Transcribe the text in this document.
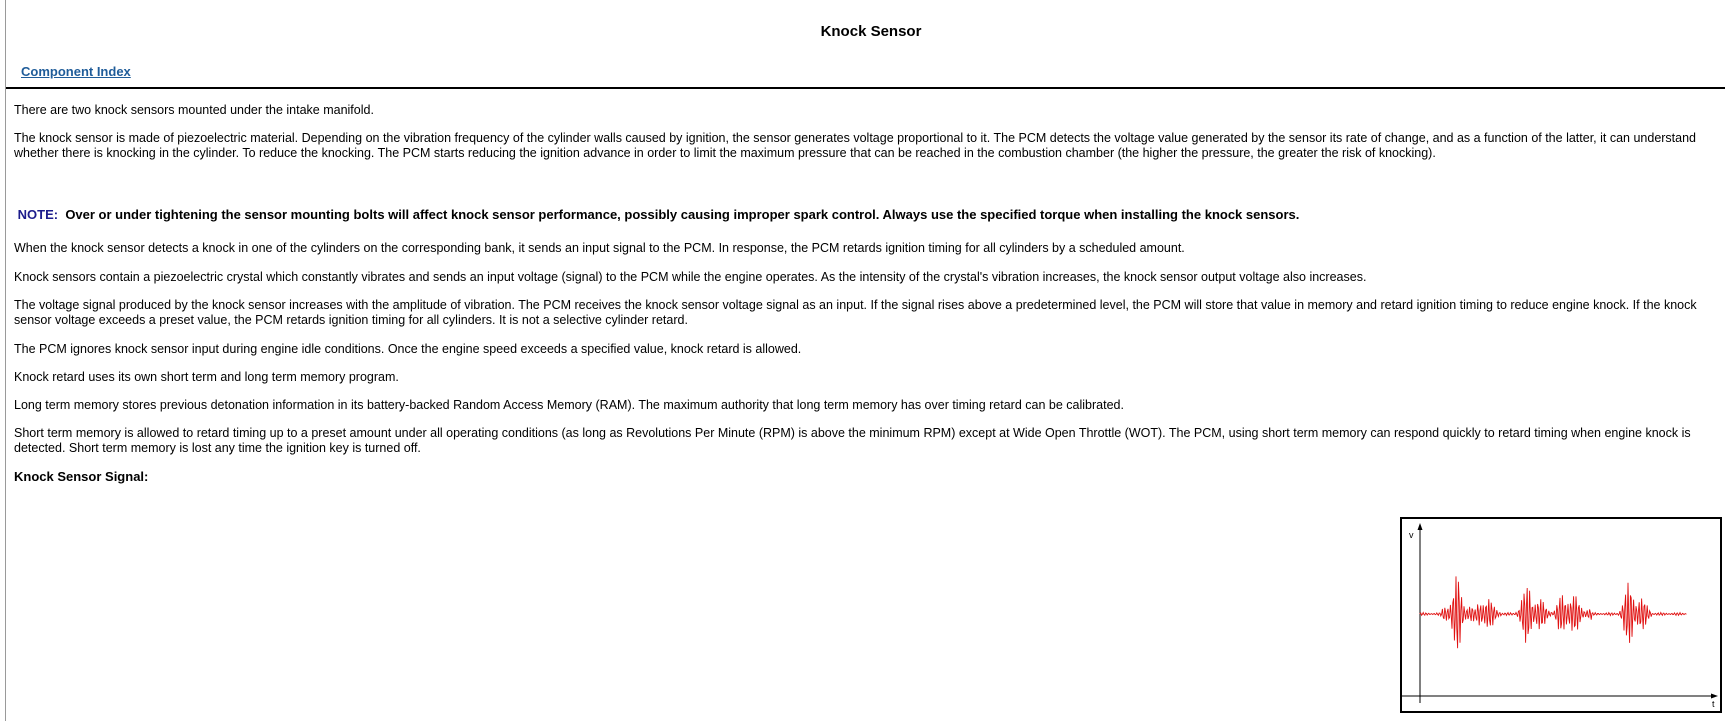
Knock Sensor
Component Index

There are two knock sensors mounted under the intake manifold.

The knock sensor is made of piezoelectric material. Depending on the vibration frequency of the cylinder walls caused by ignition, the sensor generates voltage proportional to it. The PCM detects the voltage value generated by the sensor its rate of change, and as a function of the latter, it can understand whether there is knocking in the cylinder. To reduce the knocking. The PCM starts reducing the ignition advance in order to limit the maximum pressure that can be reached in the combustion chamber (the higher the pressure, the greater the risk of knocking).

NOTE: Over or under tightening the sensor mounting bolts will affect knock sensor performance, possibly causing improper spark control. Always use the specified torque when installing the knock sensors.

When the knock sensor detects a knock in one of the cylinders on the corresponding bank, it sends an input signal to the PCM. In response, the PCM retards ignition timing for all cylinders by a scheduled amount.

Knock sensors contain a piezoelectric crystal which constantly vibrates and sends an input voltage (signal) to the PCM while the engine operates. As the intensity of the crystal's vibration increases, the knock sensor output voltage also increases.

The voltage signal produced by the knock sensor increases with the amplitude of vibration. The PCM receives the knock sensor voltage signal as an input. If the signal rises above a predetermined level, the PCM will store that value in memory and retard ignition timing to reduce engine knock. If the knock sensor voltage exceeds a preset value, the PCM retards ignition timing for all cylinders. It is not a selective cylinder retard.

The PCM ignores knock sensor input during engine idle conditions. Once the engine speed exceeds a specified value, knock retard is allowed.

Knock retard uses its own short term and long term memory program.

Long term memory stores previous detonation information in its battery-backed Random Access Memory (RAM). The maximum authority that long term memory has over timing retard can be calibrated.

Short term memory is allowed to retard timing up to a preset amount under all operating conditions (as long as Revolutions Per Minute (RPM) is above the minimum RPM) except at Wide Open Throttle (WOT). The PCM, using short term memory can respond quickly to retard timing when engine knock is detected. Short term memory is lost any time the ignition key is turned off.

Knock Sensor Signal:

v
t
